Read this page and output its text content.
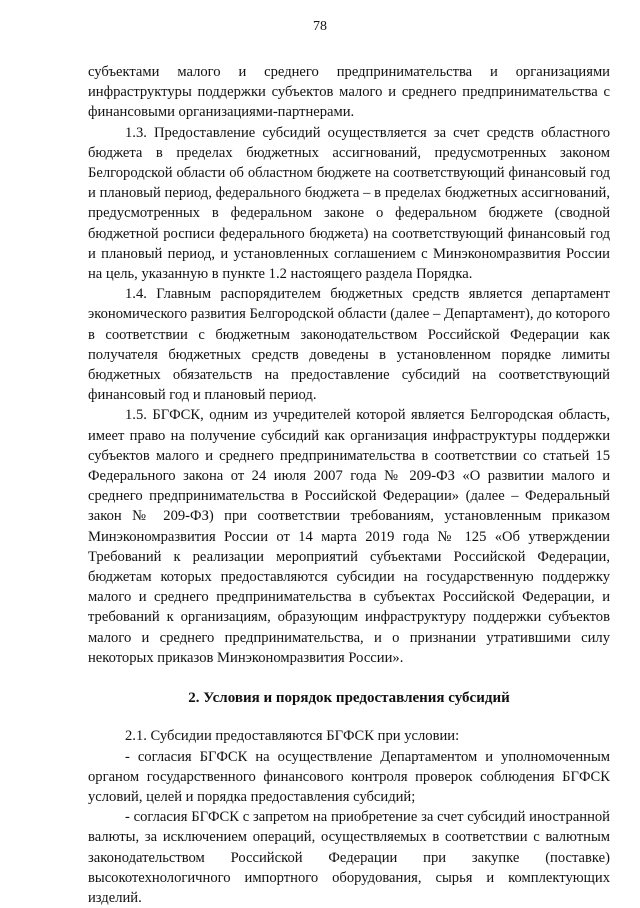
78

субъектами малого и среднего предпринимательства и организациями инфраструктуры поддержки субъектов малого и среднего предпринимательства с финансовыми организациями-партнерами.

1.3. Предоставление субсидий осуществляется за счет средств областного бюджета в пределах бюджетных ассигнований, предусмотренных законом Белгородской области об областном бюджете на соответствующий финансовый год и плановый период, федерального бюджета – в пределах бюджетных ассигнований, предусмотренных в федеральном законе о федеральном бюджете (сводной бюджетной росписи федерального бюджета) на соответствующий финансовый год и плановый период, и установленных соглашением с Минэкономразвития России на цель, указанную в пункте 1.2 настоящего раздела Порядка.

1.4. Главным распорядителем бюджетных средств является департамент экономического развития Белгородской области (далее – Департамент), до которого в соответствии с бюджетным законодательством Российской Федерации как получателя бюджетных средств доведены в установленном порядке лимиты бюджетных обязательств на предоставление субсидий на соответствующий финансовый год и плановый период.

1.5. БГФСК, одним из учредителей которой является Белгородская область, имеет право на получение субсидий как организация инфраструктуры поддержки субъектов малого и среднего предпринимательства в соответствии со статьей 15 Федерального закона от 24 июля 2007 года № 209-ФЗ «О развитии малого и среднего предпринимательства в Российской Федерации» (далее – Федеральный закон № 209-ФЗ) при соответствии требованиям, установленным приказом Минэкономразвития России от 14 марта 2019 года № 125 «Об утверждении Требований к реализации мероприятий субъектами Российской Федерации, бюджетам которых предоставляются субсидии на государственную поддержку малого и среднего предпринимательства в субъектах Российской Федерации, и требований к организациям, образующим инфраструктуру поддержки субъектов малого и среднего предпринимательства, и о признании утратившими силу некоторых приказов Минэкономразвития России».

2. Условия и порядок предоставления субсидий

2.1. Субсидии предоставляются БГФСК при условии:

- согласия БГФСК на осуществление Департаментом и уполномоченным органом государственного финансового контроля проверок соблюдения БГФСК условий, целей и порядка предоставления субсидий;

- согласия БГФСК с запретом на приобретение за счет субсидий иностранной валюты, за исключением операций, осуществляемых в соответствии с валютным законодательством Российской Федерации при закупке (поставке) высокотехнологичного импортного оборудования, сырья и комплектующих изделий.
